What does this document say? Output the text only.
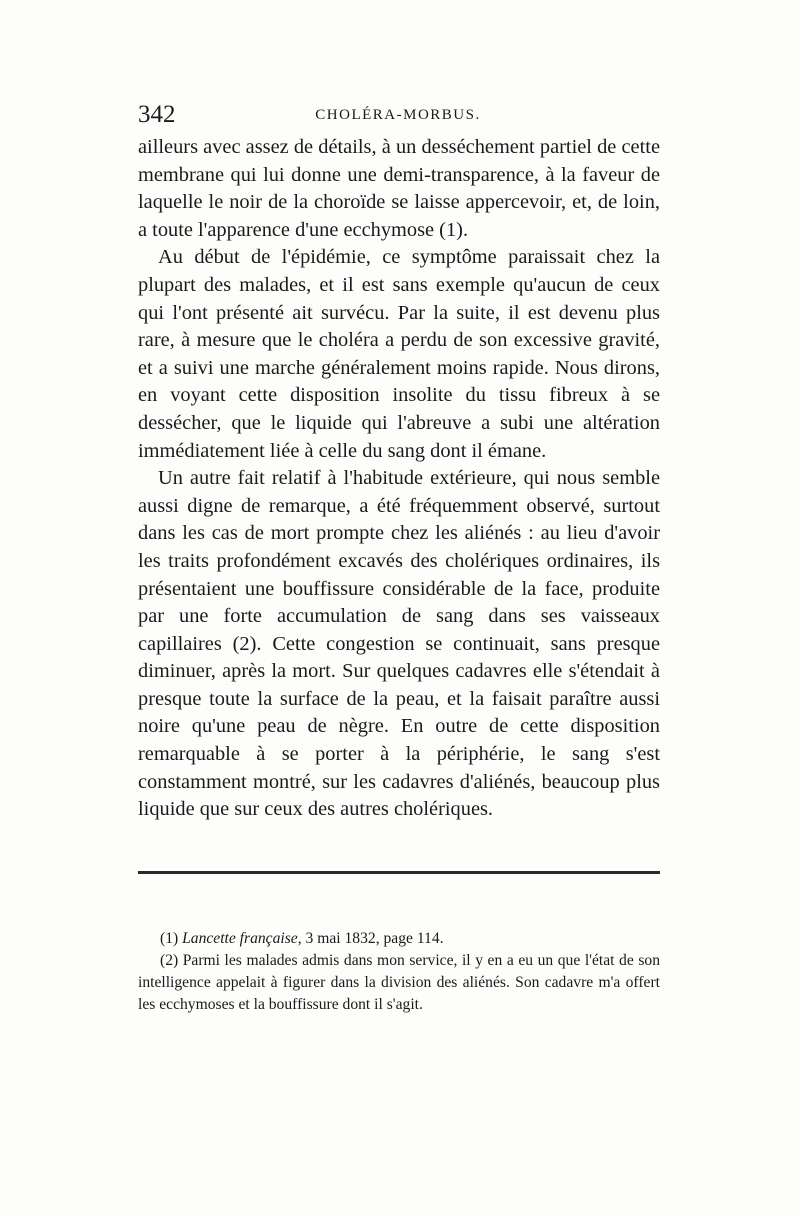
342	CHOLÉRA-MORBUS.

ailleurs avec assez de détails, à un desséchement partiel de cette membrane qui lui donne une demi-transparence, à la faveur de laquelle le noir de la choroïde se laisse appercevoir, et, de loin, a toute l'apparence d'une ecchymose (1).

Au début de l'épidémie, ce symptôme paraissait chez la plupart des malades, et il est sans exemple qu'aucun de ceux qui l'ont présenté ait survécu. Par la suite, il est devenu plus rare, à mesure que le choléra a perdu de son excessive gravité, et a suivi une marche généralement moins rapide. Nous dirons, en voyant cette disposition insolite du tissu fibreux à se dessécher, que le liquide qui l'abreuve a subi une altération immédiatement liée à celle du sang dont il émane.

Un autre fait relatif à l'habitude extérieure, qui nous semble aussi digne de remarque, a été fréquemment observé, surtout dans les cas de mort prompte chez les aliénés : au lieu d'avoir les traits profondément excavés des cholériques ordinaires, ils présentaient une bouffissure considérable de la face, produite par une forte accumulation de sang dans ses vaisseaux capillaires (2). Cette congestion se continuait, sans presque diminuer, après la mort. Sur quelques cadavres elle s'étendait à presque toute la surface de la peau, et la faisait paraître aussi noire qu'une peau de nègre. En outre de cette disposition remarquable à se porter à la périphérie, le sang s'est constamment montré, sur les cadavres d'aliénés, beaucoup plus liquide que sur ceux des autres cholériques.

(1) Lancette française, 3 mai 1832, page 114.

(2) Parmi les malades admis dans mon service, il y en a eu un que l'état de son intelligence appelait à figurer dans la division des aliénés. Son cadavre m'a offert les ecchymoses et la bouffissure dont il s'agit.
